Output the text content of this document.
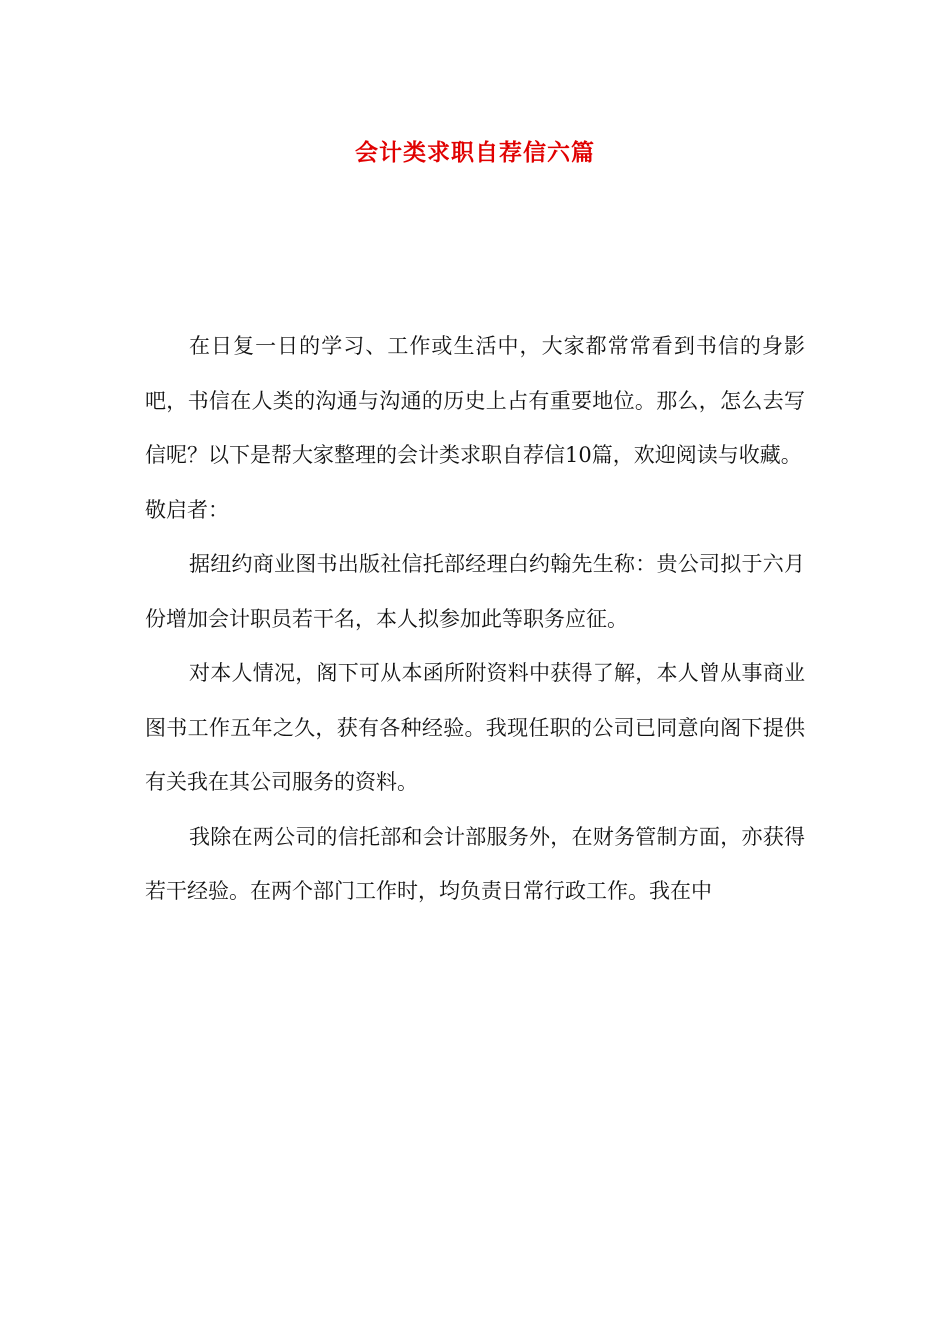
会计类求职自荐信六篇

在日复一日的学习、工作或生活中，大家都常常看到书信的身影吧，书信在人类的沟通与沟通的历史上占有重要地位。那么，怎么去写信呢？以下是帮大家整理的会计类求职自荐信10篇，欢迎阅读与收藏。

敬启者：

据纽约商业图书出版社信托部经理白约翰先生称：贵公司拟于六月份增加会计职员若干名，本人拟参加此等职务应征。

对本人情况，阁下可从本函所附资料中获得了解，本人曾从事商业图书工作五年之久，获有各种经验。我现任职的公司已同意向阁下提供有关我在其公司服务的资料。

我除在两公司的信托部和会计部服务外，在财务管制方面，亦获得若干经验。在两个部门工作时，均负责日常行政工作。我在中
